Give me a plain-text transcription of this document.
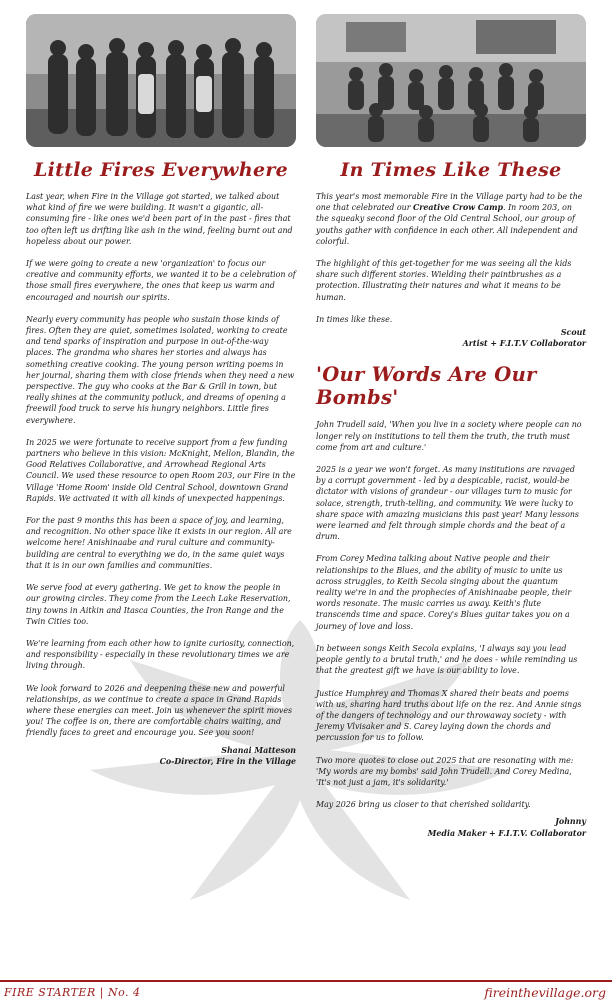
Little Fires Everywhere

Last year, when Fire in the Village got started, we talked about what kind of fire we were building. It wasn't a gigantic, all-consuming fire - like ones we'd been part of in the past - fires that too often left us drifting like ash in the wind, feeling burnt out and hopeless about our power.

If we were going to create a new 'organization' to focus our creative and community efforts, we wanted it to be a celebration of those small fires everywhere, the ones that keep us warm and encouraged and nourish our spirits.

Nearly every community has people who sustain those kinds of fires. Often they are quiet, sometimes isolated, working to create and tend sparks of inspiration and purpose in out-of-the-way places. The grandma who shares her stories and always has something creative cooking. The young person writing poems in her journal, sharing them with close friends when they need a new perspective. The guy who cooks at the Bar & Grill in town, but really shines at the community potluck, and dreams of opening a freewill food truck to serve his hungry neighbors. Little fires everywhere.

In 2025 we were fortunate to receive support from a few funding partners who believe in this vision: McKnight, Mellon, Blandin, the Good Relatives Collaborative, and Arrowhead Regional Arts Council. We used these resource to open Room 203, our Fire in the Village 'Home Room' inside Old Central School, downtown Grand Rapids. We activated it with all kinds of unexpected happenings.

For the past 9 months this has been a space of joy, and learning, and recognition. No other space like it exists in our region. All are welcome here! Anishinaabe and rural culture and community-building are central to everything we do, in the same quiet ways that it is in our own families and communities.

We serve food at every gathering. We get to know the people in our growing circles. They come from the Leech Lake Reservation, tiny towns in Aitkin and Itasca Counties, the Iron Range and the Twin Cities too.

We're learning from each other how to ignite curiosity, connection, and responsibility - especially in these revolutionary times we are living through.

We look forward to 2026 and deepening these new and powerful relationships, as we continue to create a space in Grand Rapids where these energies can meet. Join us whenever the spirit moves you! The coffee is on, there are comfortable chairs waiting, and friendly faces to greet and encourage you. See you soon!

Shanai Matteson
Co-Director, Fire in the Village
In Times Like These

This year's most memorable Fire in the Village party had to be the one that celebrated our Creative Crow Camp. In room 203, on the squeaky second floor of the Old Central School, our group of youths gather with confidence in each other. All independent and colorful.

The highlight of this get-together for me was seeing all the kids share such different stories. Wielding their paintbrushes as a protection. Illustrating their natures and what it means to be human.

In times like these.

Scout
Artist + F.I.T.V Collaborator
'Our Words Are Our Bombs'

John Trudell said, 'When you live in a society where people can no longer rely on institutions to tell them the truth, the truth must come from art and culture.'

2025 is a year we won't forget. As many institutions are ravaged by a corrupt government - led by a despicable, racist, would-be dictator with visions of grandeur - our villages turn to music for solace, strength, truth-telling, and community. We were lucky to share space with amazing musicians this past year! Many lessons were learned and felt through simple chords and the beat of a drum.

From Corey Medina talking about Native people and their relationships to the Blues, and the ability of music to unite us across struggles, to Keith Secola singing about the quantum reality we're in and the prophecies of Anishinaabe people, their words resonate. The music carries us away. Keith's flute transcends time and space. Corey's Blues guitar takes you on a journey of love and loss.

In between songs Keith Secola explains, 'I always say you lead people gently to a brutal truth,' and he does - while reminding us that the greatest gift we have is our ability to love.

Justice Humphrey and Thomas X shared their beats and poems with us, sharing hard truths about life on the rez. And Annie sings of the dangers of technology and our throwaway society - with Jeremy Vlvisaker and S. Carey laying down the chords and percussion for us to follow.

Two more quotes to close out 2025 that are resonating with me: 'My words are my bombs' said John Trudell. And Corey Medina, 'It's not just a jam, it's solidarity.'

May 2026 bring us closer to that cherished solidarity.

Johnny
Media Maker + F.I.T.V. Collaborator
FIRE STARTER | No. 4	fireinthevillage.org
